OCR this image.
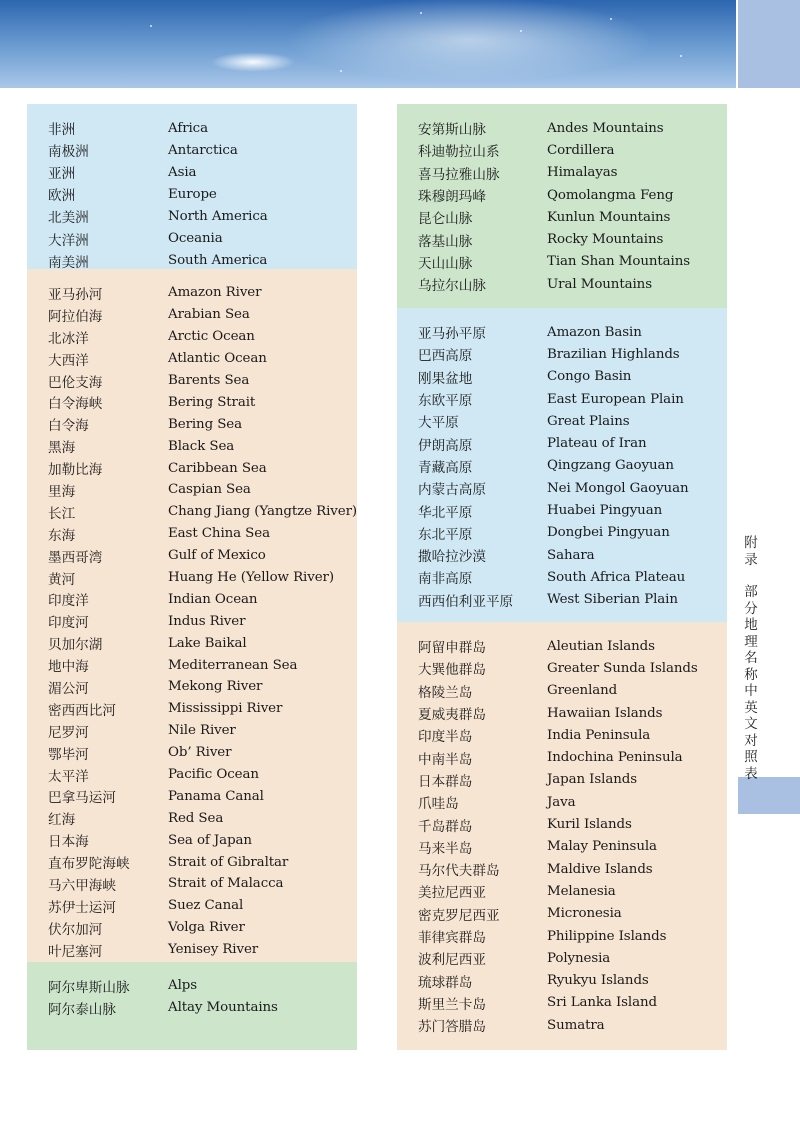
附录
部分地理名称中英文对照表
非洲	Africa
南极洲	Antarctica
亚洲	Asia
欧洲	Europe
北美洲	North America
大洋洲	Oceania
南美洲	South America
亚马孙河	Amazon River
阿拉伯海	Arabian Sea
北冰洋	Arctic Ocean
大西洋	Atlantic Ocean
巴伦支海	Barents Sea
白令海峡	Bering Strait
白令海	Bering Sea
黑海	Black Sea
加勒比海	Caribbean Sea
里海	Caspian Sea
长江	Chang Jiang (Yangtze River)
东海	East China Sea
墨西哥湾	Gulf of Mexico
黄河	Huang He (Yellow River)
印度洋	Indian Ocean
印度河	Indus River
贝加尔湖	Lake Baikal
地中海	Mediterranean Sea
湄公河	Mekong River
密西西比河	Mississippi River
尼罗河	Nile River
鄂毕河	Ob’ River
太平洋	Pacific Ocean
巴拿马运河	Panama Canal
红海	Red Sea
日本海	Sea of Japan
直布罗陀海峡	Strait of Gibraltar
马六甲海峡	Strait of Malacca
苏伊士运河	Suez Canal
伏尔加河	Volga River
叶尼塞河	Yenisey River
阿尔卑斯山脉	Alps
阿尔泰山脉	Altay Mountains
安第斯山脉	Andes Mountains
科迪勒拉山系	Cordillera
喜马拉雅山脉	Himalayas
珠穆朗玛峰	Qomolangma Feng
昆仑山脉	Kunlun Mountains
落基山脉	Rocky Mountains
天山山脉	Tian Shan Mountains
乌拉尔山脉	Ural Mountains
亚马孙平原	Amazon Basin
巴西高原	Brazilian Highlands
刚果盆地	Congo Basin
东欧平原	East European Plain
大平原	Great Plains
伊朗高原	Plateau of Iran
青藏高原	Qingzang Gaoyuan
内蒙古高原	Nei Mongol Gaoyuan
华北平原	Huabei Pingyuan
东北平原	Dongbei Pingyuan
撒哈拉沙漠	Sahara
南非高原	South Africa Plateau
西西伯利亚平原	West Siberian Plain
阿留申群岛	Aleutian Islands
大巽他群岛	Greater Sunda Islands
格陵兰岛	Greenland
夏威夷群岛	Hawaiian Islands
印度半岛	India Peninsula
中南半岛	Indochina Peninsula
日本群岛	Japan Islands
爪哇岛	Java
千岛群岛	Kuril Islands
马来半岛	Malay Peninsula
马尔代夫群岛	Maldive Islands
美拉尼西亚	Melanesia
密克罗尼西亚	Micronesia
菲律宾群岛	Philippine Islands
波利尼西亚	Polynesia
琉球群岛	Ryukyu Islands
斯里兰卡岛	Sri Lanka Island
苏门答腊岛	Sumatra
